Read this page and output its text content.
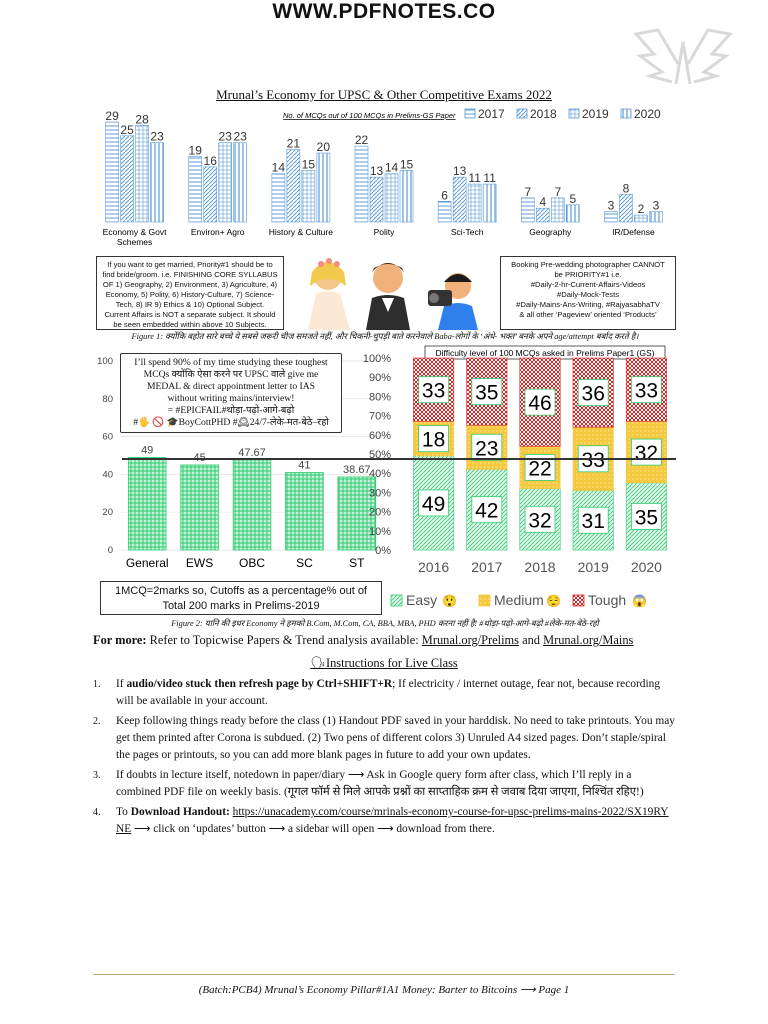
WWW.PDFNOTES.CO
Mrunal’s Economy for UPSC & Other Competitive Exams 2022
No. of MCQs out of 100 MCQs in Prelims-GS Paper 2017 2018 2019 2020
29
25
28
23
Economy & Govt
Schemes
19
16
23 23
Environ+ Agro
14
21
15
20
History & Culture
22
13 14 15
Polity
6
13 11 11
Sci-Tech
7
4
7 5
Geography
3
8
2 3
IR/Defense
If you want to get married, Priority#1 should be to find bride/groom. i.e. FINISHING CORE SYLLABUS OF 1) Geography, 2) Environment, 3) Agriculture, 4) Economy, 5) Polity, 6) History-Culture, 7) Science-Tech, 8) IR 9) Ethics & 10) Optional Subject.
Current Affairs is NOT a separate subject. It should be seen embedded within above 10 Subjects.
Booking Pre-wedding photographer CANNOT be PRIORITY#1 i.e.
#Daily-2-hr-Current-Affairs-Videos
#Daily-Mock-Tests
#Daily-Mains-Ans-Writing, #RajyasabhaTV
& all other ‘Pageview’ oriented ‘Products’
Figure 1: क्योंकि बहोत सारे बच्चे ये सबसे जरूरी चीज समजते नहीं, और चिकनी-चुपड़ी बाते करनेवाले Baba-लोगों के ‘अंधे- भक्त’ बनके अपने age/attempt बर्बाद करते है।
0
20
40
60
80
100
49
General
45
EWS
47.67
OBC
41
SC
38.67
ST
Difficulty level of 100 MCQs asked in Prelims Paper1 (GS)
0%
10%
20%
30%
40%
50%
60%
70%
80%
90%
100%
49
18
33
2016
42
23
35
2017
32
22
46
2018
31
33
36
2019
35
32
33
2020
Easy 😲	Medium 😌 Tough 😱
I’ll spend 90% of my time studying these toughest
MCQs क्योंकि ऐसा करने पर UPSC वाले give me
MEDAL & direct appointment letter to IAS
without writing mains/interview!
= #EPICFAIL#थोड़ा-पढ़ो-आगे-बढ़ो
#🖐 🚫 🎓BoyCottPHD #🕰24/7-लेके-मत-बेठे–रहो
1MCQ=2marks so, Cutoffs as a percentage% out of
Total 200 marks in Prelims-2019
Figure 2: यानि की इधर Economy ने हमको B.Com, M.Com, CA, BBA, MBA, PHD करना नहीं है! #थोड़ा-पढ़ो-आगे-बढ़ो #लेके-मत-बेठे-रहो
For more: Refer to Topicwise Papers & Trend analysis available: Mrunal.org/Prelims and Mrunal.org/Mains
🗣Instructions for Live Class
1. If audio/video stuck then refresh page by Ctrl+SHIFT+R; If electricity / internet outage, fear not, because recording will be available in your account.
2. Keep following things ready before the class (1) Handout PDF saved in your harddisk. No need to take printouts. You may get them printed after Corona is subdued. (2) Two pens of different colors 3) Unruled A4 sized pages. Don’t staple/spiral the pages or printouts, so you can add more blank pages in future to add your own updates.
3. If doubts in lecture itself, notedown in paper/diary ⟶ Ask in Google query form after class, which I’ll reply in a combined PDF file on weekly basis. (गूगल फॉर्म से मिले आपके प्रश्नों का साप्ताहिक क्रम से जवाब दिया जाएगा, निश्चिंत रहिए!)
4. To Download Handout: https://unacademy.com/course/mrinals-economy-course-for-upsc-prelims-mains-2022/SX19RYNE ⟶ click on ‘updates’ button ⟶ a sidebar will open ⟶ download from there.
(Batch:PCB4) Mrunal’s Economy Pillar#1A1 Money: Barter to Bitcoins ⟶ Page 1
